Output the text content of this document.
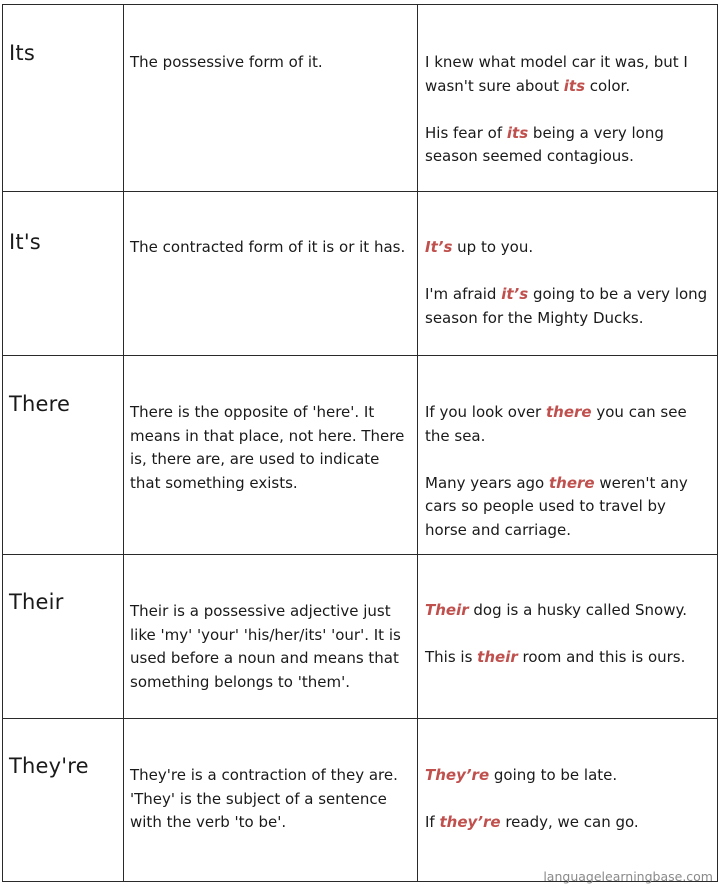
Its	The possessive form of it.	I knew what model car it was, but I wasn't sure about its color.

His fear of its being a very long season seemed contagious.

It's	The contracted form of it is or it has.	It’s up to you.

I'm afraid it’s going to be a very long season for the Mighty Ducks.

There	There is the opposite of 'here'. It means in that place, not here. There is, there are, are used to indicate that something exists.	If you look over there you can see the sea.

Many years ago there weren't any cars so people used to travel by horse and carriage.

Their	Their is a possessive adjective just like 'my' 'your' 'his/her/its' 'our'. It is used before a noun and means that something belongs to 'them'.	Their dog is a husky called Snowy.

This is their room and this is ours.

They're	They're is a contraction of they are. 'They' is the subject of a sentence with the verb 'to be'.	They’re going to be late.

If they’re ready, we can go.

languagelearningbase.com
